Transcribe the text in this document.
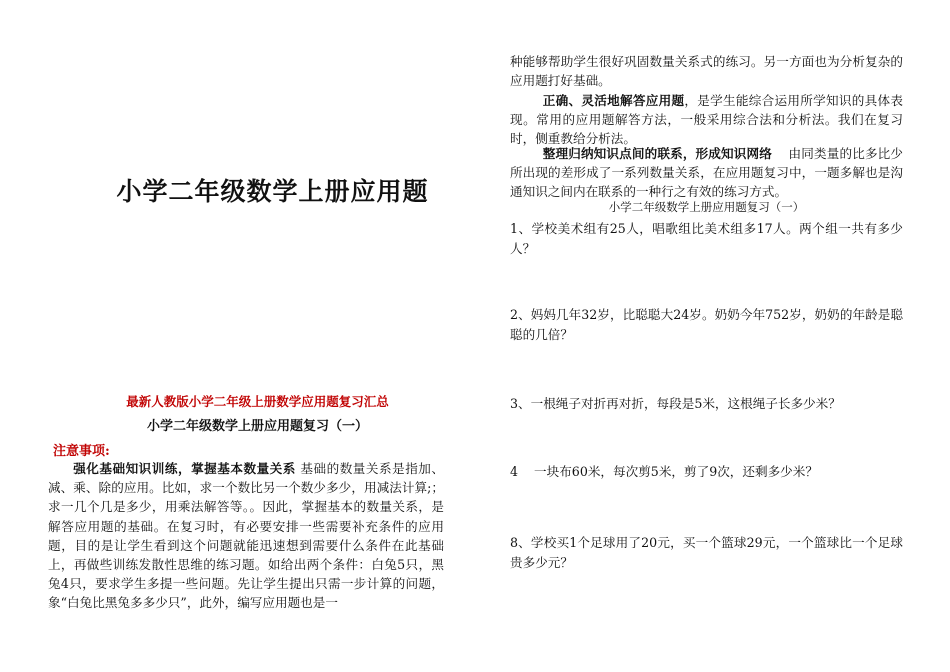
小学二年级数学上册应用题
最新人教版小学二年级上册数学应用题复习汇总
小学二年级数学上册应用题复习（一）
注意事项:
强化基础知识训练，掌握基本数量关系 基础的数量关系是指加、减、乘、除的应用。比如，求一个数比另一个数少多少，用减法计算;；求一几个几是多少，用乘法解答等。。因此，掌握基本的数量关系，是解答应用题的基础。在复习时，有必要安排一些需要补充条件的应用题，目的是让学生看到这个问题就能迅速想到需要什么条件在此基础上，再做些训练发散性思维的练习题。如给出两个条件：白兔5只，黑兔4只，要求学生多提一些问题。先让学生提出只需一步计算的问题，象“白兔比黑兔多多少只”，此外，编写应用题也是一
种能够帮助学生很好巩固数量关系式的练习。另一方面也为分析复杂的应用题打好基础。
正确、灵活地解答应用题，是学生能综合运用所学知识的具体表现。常用的应用题解答方法，一般采用综合法和分析法。我们在复习时，侧重教给分析法。
整理归纳知识点间的联系，形成知识网络    由同类量的比多比少所出现的差形成了一系列数量关系，在应用题复习中，一题多解也是沟通知识之间内在联系的一种行之有效的练习方式。
小学二年级数学上册应用题复习（一）
1、学校美术组有25人，唱歌组比美术组多17人。两个组一共有多少人？
2、妈妈几年32岁，比聪聪大24岁。奶奶今年752岁，奶奶的年龄是聪聪的几倍？
3、一根绳子对折再对折，每段是5米，这根绳子长多少米？
4    一块布60米，每次剪5米，剪了9次，还剩多少米？
8、学校买1个足球用了20元，买一个篮球29元，一个篮球比一个足球贵多少元？
